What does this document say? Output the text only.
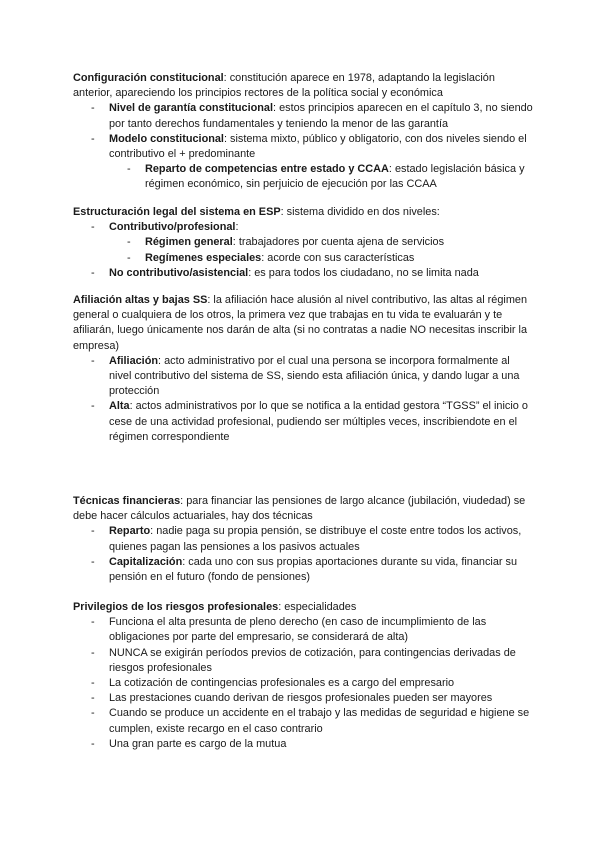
Configuración constitucional: constitución aparece en 1978, adaptando la legislación anterior, apareciendo los principios rectores de la política social y económica

- Nivel de garantía constitucional: estos principios aparecen en el capítulo 3, no siendo por tanto derechos fundamentales y teniendo la menor de las garantía
- Modelo constitucional: sistema mixto, público y obligatorio, con dos niveles siendo el contributivo el + predominante
- Reparto de competencias entre estado y CCAA: estado legislación básica y régimen económico, sin perjuicio de ejecución por las CCAA

Estructuración legal del sistema en ESP: sistema dividido en dos niveles:

- Contributivo/profesional:
- Régimen general: trabajadores por cuenta ajena de servicios
- Regímenes especiales: acorde con sus características
- No contributivo/asistencial: es para todos los ciudadano, no se limita nada

Afiliación altas y bajas SS: la afiliación hace alusión al nivel contributivo, las altas al régimen general o cualquiera de los otros, la primera vez que trabajas en tu vida te evaluarán y te afiliarán, luego únicamente nos darán de alta (si no contratas a nadie NO necesitas inscribir la empresa)

- Afiliación: acto administrativo por el cual una persona se incorpora formalmente al nivel contributivo del sistema de SS, siendo esta afiliación única, y dando lugar a una protección
- Alta: actos administrativos por lo que se notifica a la entidad gestora “TGSS” el inicio o cese de una actividad profesional, pudiendo ser múltiples veces, inscribiendote en el régimen correspondiente

Técnicas financieras: para financiar las pensiones de largo alcance (jubilación, viudedad) se debe hacer cálculos actuariales, hay dos técnicas

- Reparto: nadie paga su propia pensión, se distribuye el coste entre todos los activos, quienes pagan las pensiones a los pasivos actuales
- Capitalización: cada uno con sus propias aportaciones durante su vida, financiar su pensión en el futuro (fondo de pensiones)

Privilegios de los riesgos profesionales: especialidades

- Funciona el alta presunta de pleno derecho (en caso de incumplimiento de las obligaciones por parte del empresario, se considerará de alta)
- NUNCA se exigirán períodos previos de cotización, para contingencias derivadas de riesgos profesionales
- La cotización de contingencias profesionales es a cargo del empresario
- Las prestaciones cuando derivan de riesgos profesionales pueden ser mayores
- Cuando se produce un accidente en el trabajo y las medidas de seguridad e higiene se cumplen, existe recargo en el caso contrario
- Una gran parte es cargo de la mutua
